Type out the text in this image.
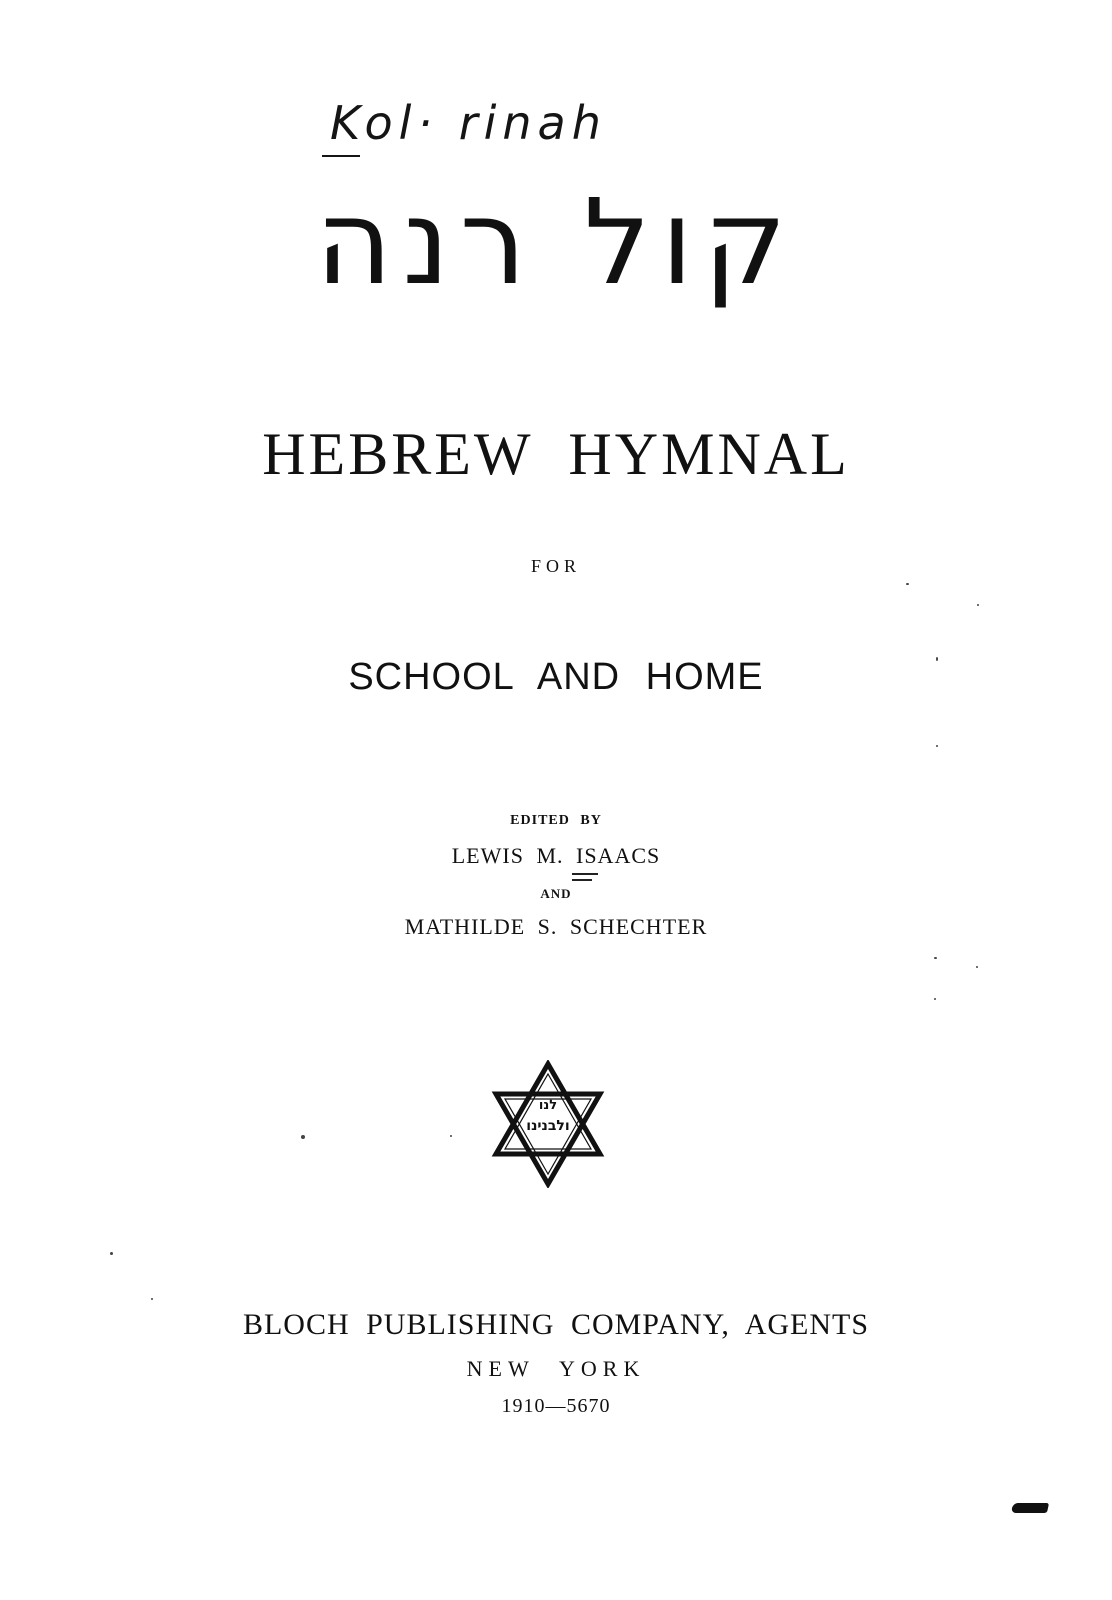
Kol· rinah
קול רנה
HEBREW HYMNAL
FOR
SCHOOL AND HOME
EDITED BY
LEWIS M. ISAACS
AND
MATHILDE S. SCHECHTER
לנו
ולבנינו
BLOCH PUBLISHING COMPANY, AGENTS
NEW YORK
1910—5670
